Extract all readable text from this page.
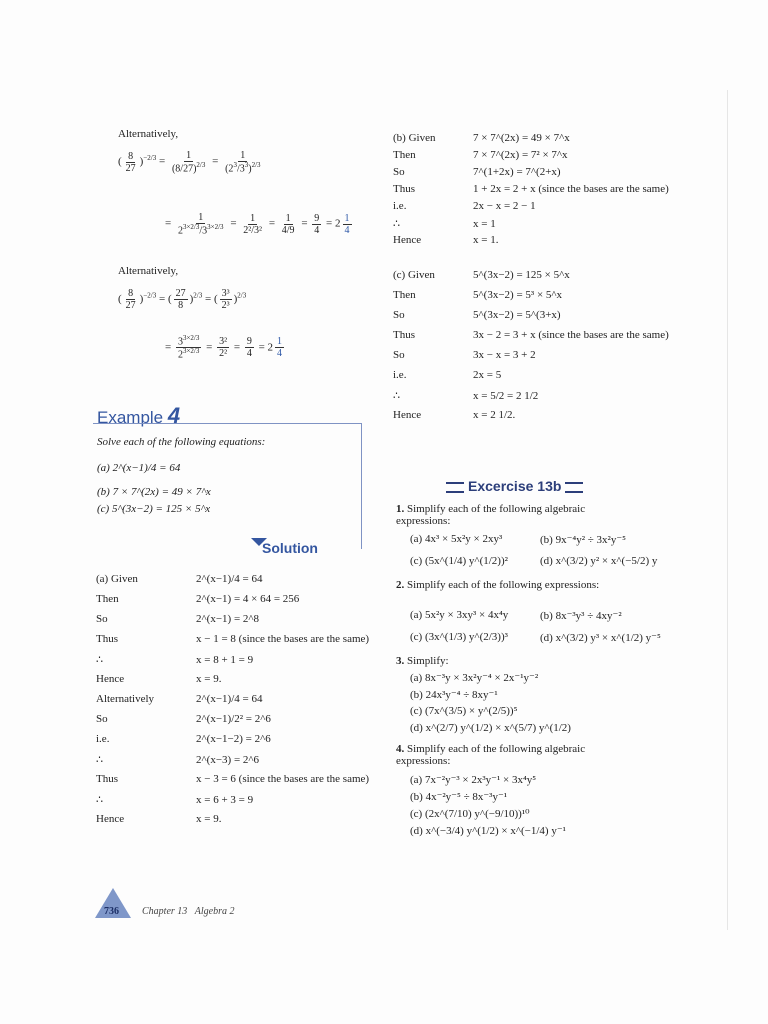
Alternatively,
( $\frac{8}{27} )^{-2/3} = \frac{1}{(8/27)^{2/3}} = \frac{1}{(2^3/3^3)^{2/3}}$
= $\frac{1}{2^{3\times 2/3}/3^{3\times 2/3}} = \frac{1}{\text{2²/3²}} = \frac{1}{4/9} = \frac{9}{4} = 2 \frac{1}{4}$
Alternatively,
( $\frac{8}{27} )^{-2/3}$ = ( $\frac{27}{8} )^{2/3}$ = ( $\frac{\text{3³}}{\text{2³}} )^{2/3}$
= $\frac{3^{3\times 2/3}}{2^{3\times 2/3}} = \frac{\text{3²}}{\text{2²}} = \frac{9}{4} = 2 \frac{1}{4}$
Example 4
Solve each of the following equations:
(a) 2^(x−1)/4 = 64
(b) 7 × 7^(2x) = 49 × 7^x
(c) 5^(3x−2) = 125 × 5^x
Solution
(a) Given	2^(x−1)/4 = 64
Then	2^(x−1) = 4 × 64 = 256
So	2^(x−1) = 2^8
Thus	x − 1 = 8 (since the bases are the same)
∴	x = 8 + 1 = 9
Hence	x = 9.
Alternatively	2^(x−1)/4 = 64
So	2^(x−1)/2² = 2^6
i.e.	2^(x−1−2) = 2^6
∴	2^(x−3) = 2^6
Thus	x − 3 = 6 (since the bases are the same)
∴	x = 6 + 3 = 9
Hence	x = 9.
(b) Given	7 × 7^(2x) = 49 × 7^x
Then	7 × 7^(2x) = 7² × 7^x
So	7^(1+2x) = 7^(2+x)
Thus	1 + 2x = 2 + x (since the bases are the same)
i.e.	2x − x = 2 − 1
∴	x = 1
Hence	x = 1.
(c) Given	5^(3x−2) = 125 × 5^x
Then	5^(3x−2) = 5³ × 5^x
So	5^(3x−2) = 5^(3+x)
Thus	3x − 2 = 3 + x (since the bases are the same)
So	3x − x = 3 + 2
i.e.	2x = 5
∴	x = 5/2 = 2 1/2
Hence	x = 2 1/2.
Excercise 13b
1. Simplify each of the following algebraic expressions:
(a) 4x³ × 5x²y × 2xy³	(b) 9x⁻⁴y² ÷ 3x²y⁻⁵
(c) (5x^(1/4) y^(1/2))²	(d) x^(3/2) y² × x^(−5/2) y
2. Simplify each of the following expressions:
(a) 5x²y × 3xy³ × 4x⁴y	(b) 8x⁻³y³ ÷ 4xy⁻²
(c) (3x^(1/3) y^(2/3))³	(d) x^(3/2) y³ × x^(1/2) y⁻⁵
3. Simplify:
(a) 8x⁻³y × 3x²y⁻⁴ × 2x⁻¹y⁻²
(b) 24x³y⁻⁴ ÷ 8xy⁻¹
(c) (7x^(3/5) × y^(2/5))⁵
(d) x^(2/7) y^(1/2) × x^(5/7) y^(1/2)
4. Simplify each of the following algebraic expressions:
(a) 7x⁻²y⁻³ × 2x³y⁻¹ × 3x⁴y⁵
(b) 4x⁻²y⁻⁵ ÷ 8x⁻³y⁻¹
(c) (2x^(7/10) y^(−9/10))¹⁰
(d) x^(−3/4) y^(1/2) × x^(−1/4) y⁻¹
736 Chapter 13 Algebra 2
